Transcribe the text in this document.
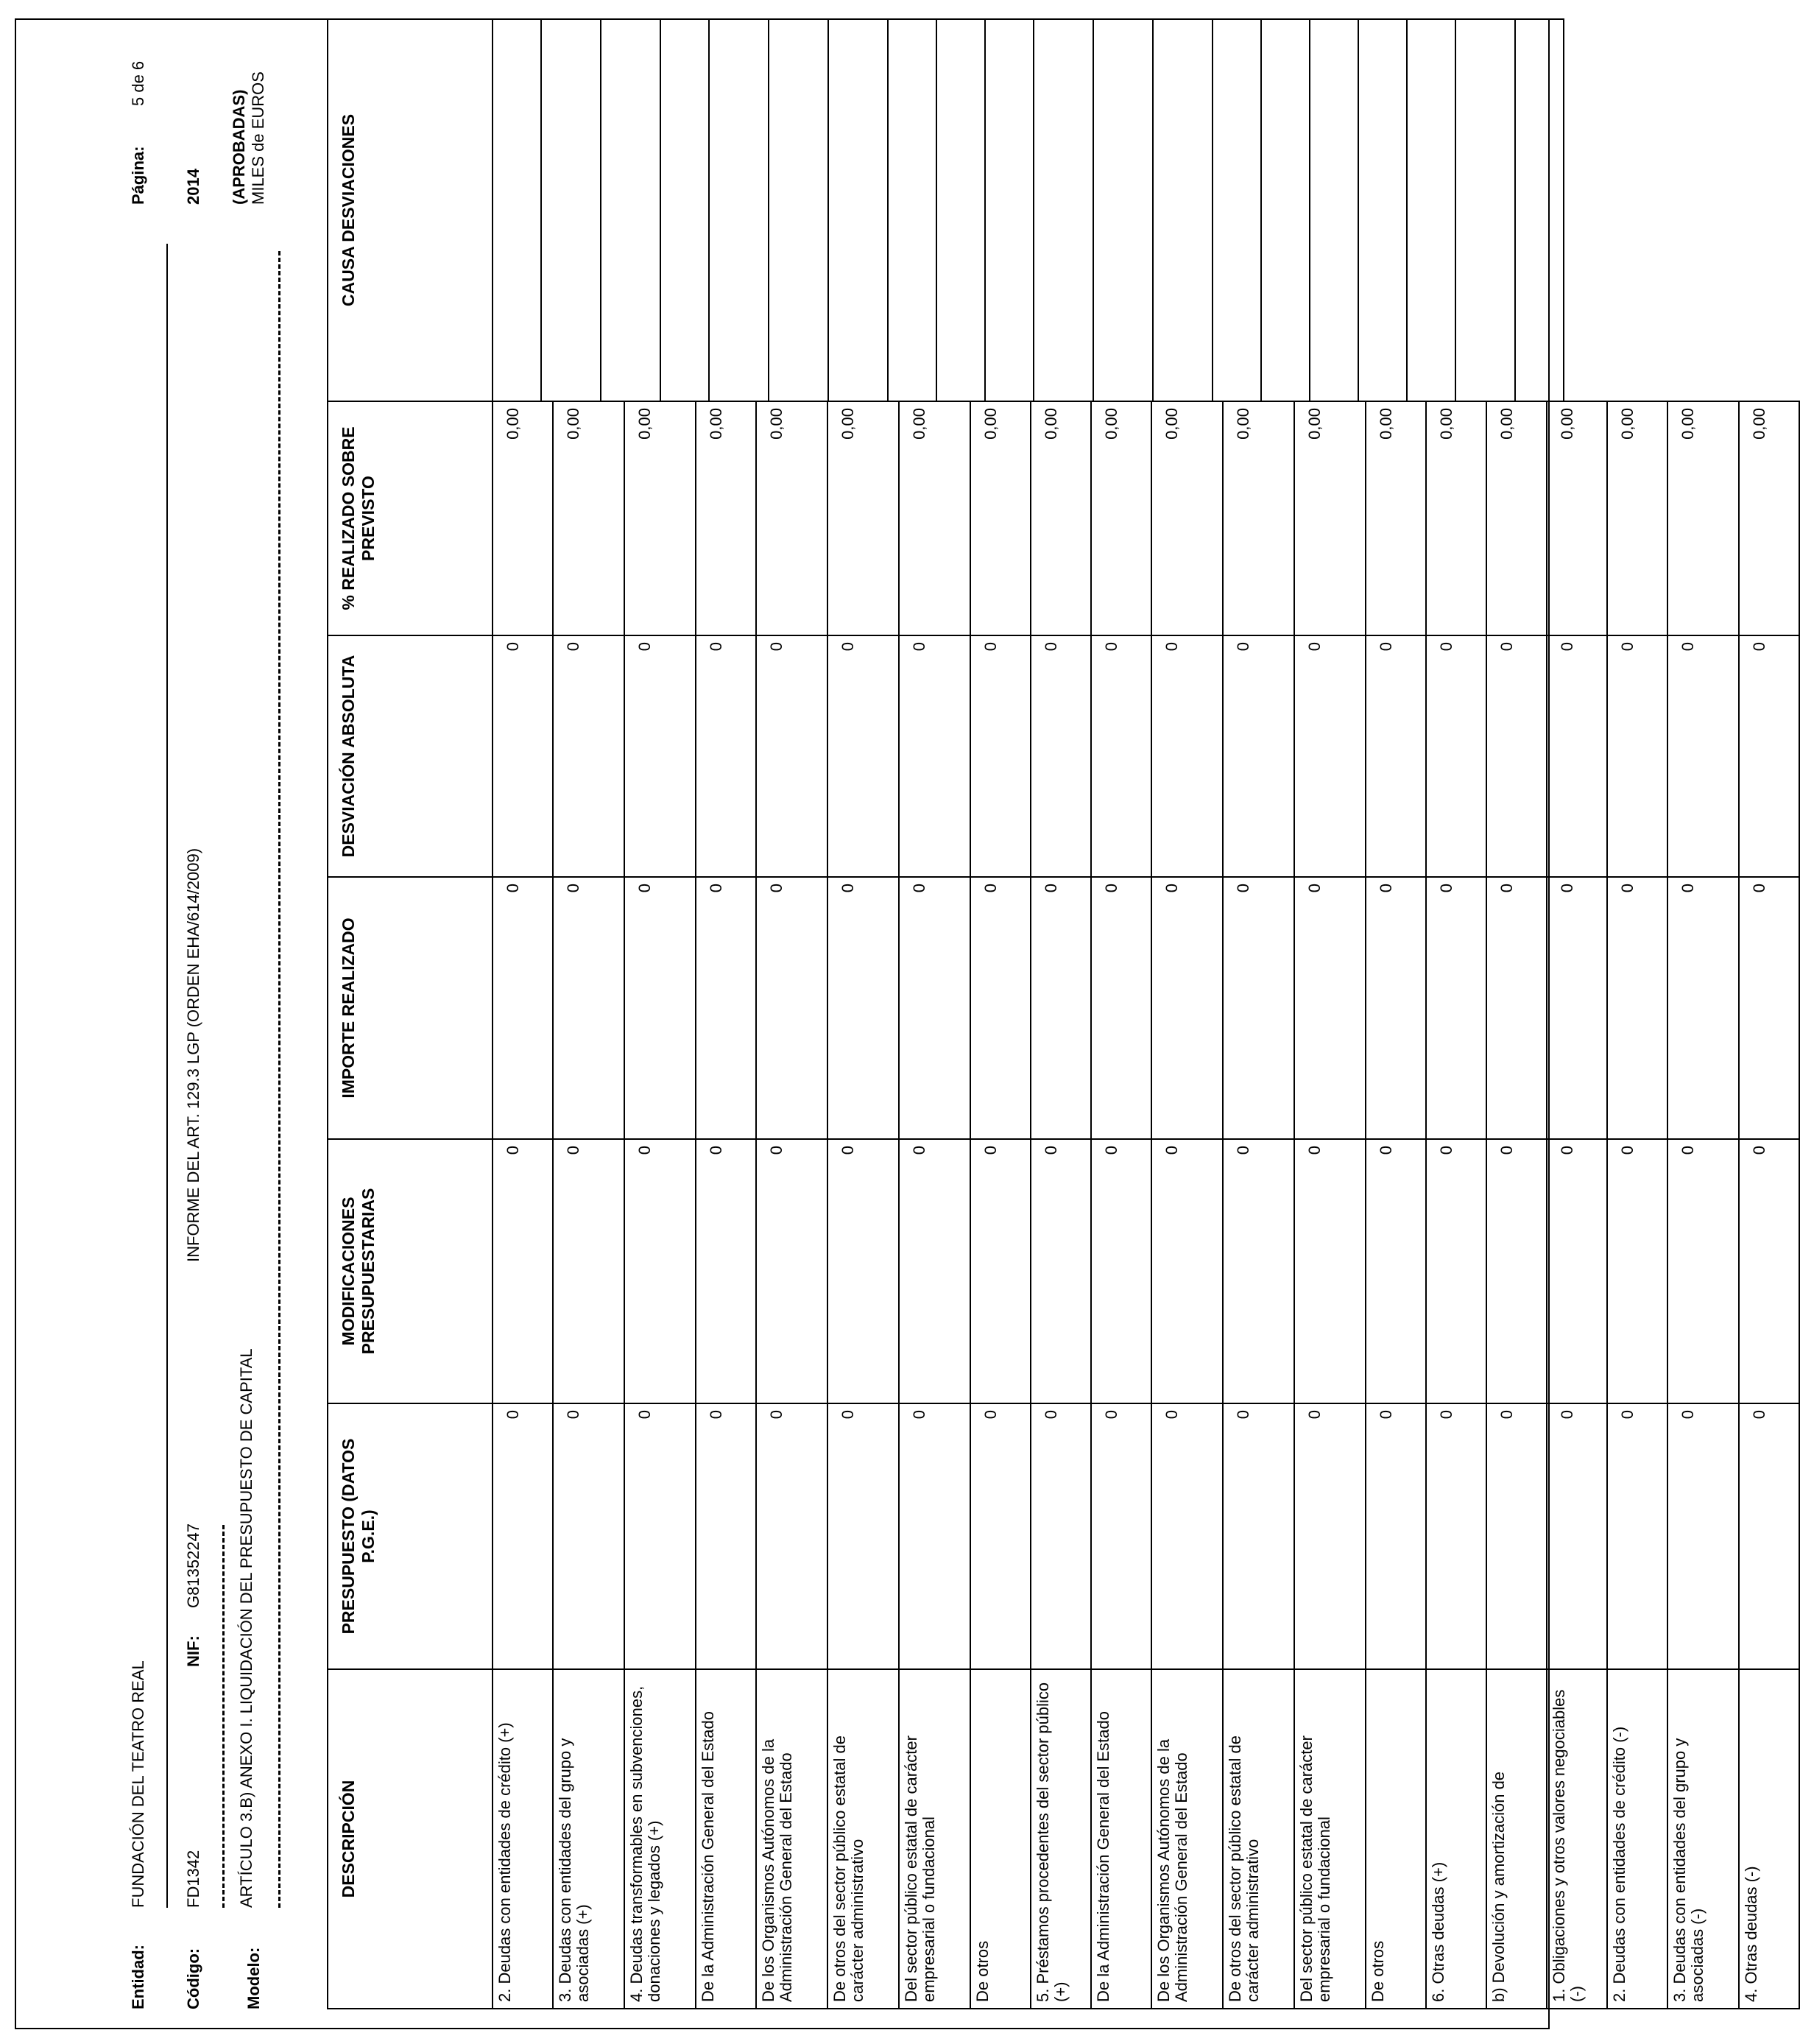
Entidad:
FUNDACIÓN DEL TEATRO REAL
Página:
5 de 6
Código:
FD1342
NIF:
G81352247
INFORME DEL ART. 129.3 LGP (ORDEN EHA/614/2009)
2014
ARTÍCULO 3.B) ANEXO I. LIQUIDACIÓN DEL PRESUPUESTO DE CAPITAL
Modelo:
(APROBADAS) MILES de EUROS
DESCRIPCIÓN	PRESUPUESTO (DATOS P.G.E.)	MODIFICACIONES PRESUPUESTARIAS	IMPORTE REALIZADO	DESVIACIÓN ABSOLUTA	% REALIZADO SOBRE PREVISTO
2. Deudas con entidades de crédito (+)	0	0	0	0	0,00
3. Deudas con entidades del grupo y asociadas (+)	0	0	0	0	0,00
4. Deudas transformables en subvenciones, donaciones y legados (+)	0	0	0	0	0,00
De la Administración General del Estado	0	0	0	0	0,00
De los Organismos Autónomos de la Administración General del Estado	0	0	0	0	0,00
De otros del sector público estatal de carácter administrativo	0	0	0	0	0,00
Del sector público estatal de carácter empresarial o fundacional	0	0	0	0	0,00
De otros	0	0	0	0	0,00
5. Préstamos procedentes del sector público (+)	0	0	0	0	0,00
De la Administración General del Estado	0	0	0	0	0,00
De los Organismos Autónomos de la Administración General del Estado	0	0	0	0	0,00
De otros del sector público estatal de carácter administrativo	0	0	0	0	0,00
Del sector público estatal de carácter empresarial o fundacional	0	0	0	0	0,00
De otros	0	0	0	0	0,00
6. Otras deudas (+)	0	0	0	0	0,00
b) Devolución y amortización de	0	0	0	0	0,00
1. Obligaciones y otros valores negociables (-)	0	0	0	0	0,00
2. Deudas con entidades de crédito (-)	0	0	0	0	0,00
3. Deudas con entidades del grupo y asociadas (-)	0	0	0	0	0,00
4. Otras deudas (-)	0	0	0	0	0,00
CAUSA DESVIACIONES
